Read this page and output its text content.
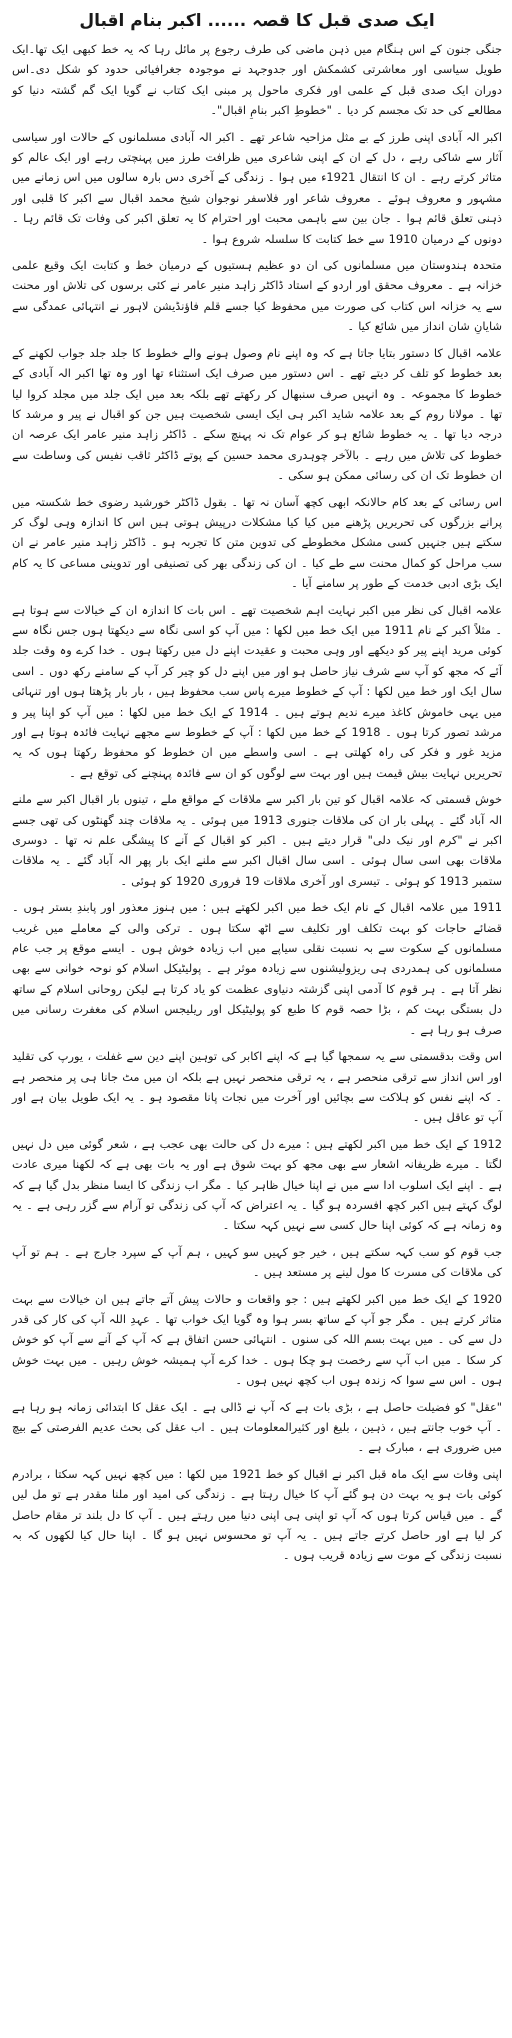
ایک صدی قبل کا قصہ ...... اکبر بنام اقبال

جنگی جنون کے اس ہنگام میں ذہن ماضی کی طرف رجوع پر مائل رہا کہ یہ خط کبھی ایک تھا۔ایک طویل سیاسی اور معاشرتی کشمکش اور جدوجہد نے موجودہ جغرافیائی حدود کو شکل دی۔اس دوران ایک صدی قبل کے علمی اور فکری ماحول پر مبنی ایک کتاب نے گویا ایک گم گشتہ دنیا کو مطالعے کی حد تک مجسم کر دیا ۔ "خطوطِ اکبر بنامِ اقبال"۔

اکبر الہ آبادی اپنی طرز کے بے مثل مزاحیہ شاعر تھے ۔ اکبر الہ آبادی مسلمانوں کے حالات اور سیاسی آثار سے شاکی رہے ، دل کے ان کے اپنی شاعری میں ظرافت طرز میں پہنچتی رہے اور ایک عالم کو متاثر کرتے رہے ۔ ان کا انتقال 1921ء میں ہوا ۔ زندگی کے آخری دس بارہ سالوں میں اس زمانے میں مشہور و معروف ہوئے ۔ معروف شاعر اور فلاسفر نوجوان شیخ محمد اقبال سے اکبر کا قلبی اور ذہنی تعلق قائم ہوا ۔ جان بین سے باہمی محبت اور احترام کا یہ تعلق اکبر کی وفات تک قائم رہا ۔ دونوں کے درمیان 1910 سے خط کتابت کا سلسلہ شروع ہوا ۔

متحدہ ہندوستان میں مسلمانوں کی ان دو عظیم ہستیوں کے درمیان خط و کتابت ایک وقیع علمی خزانہ ہے ۔ معروف محقق اور اردو کے استاد ڈاکٹر زاہد منیر عامر نے کئی برسوں کی تلاش اور محنت سے یہ خزانہ اس کتاب کی صورت میں محفوظ کیا جسے قلم فاؤنڈیشن لاہور نے انتہائی عمدگی سے شایانِ شان انداز میں شائع کیا ۔

علامہ اقبال کا دستور بتایا جاتا ہے کہ وہ اپنے نام وصول ہونے والے خطوط کا جلد جلد جواب لکھنے کے بعد خطوط کو تلف کر دیتے تھے ۔ اس دستور میں صرف ایک استثناء تھا اور وہ تھا اکبر الہ آبادی کے خطوط کا مجموعہ ۔ وہ انہیں صرف سنبھال کر رکھتے تھے بلکہ بعد میں ایک جلد میں مجلد کروا لیا تھا ۔ مولانا روم کے بعد علامہ شاید اکبر ہی ایک ایسی شخصیت ہیں جن کو اقبال نے پیر و مرشد کا درجہ دیا تھا ۔ یہ خطوط شائع ہو کر عوام تک نہ پہنچ سکے ۔ ڈاکٹر زاہد منیر عامر ایک عرصہ ان خطوط کی تلاش میں رہے ۔ بالآخر چوہدری محمد حسین کے پوتے ڈاکٹر ثاقب نفیس کی وساطت سے ان خطوط تک ان کی رسائی ممکن ہو سکی ۔

اس رسائی کے بعد کام حالانکہ ابھی کچھ آسان نہ تھا ۔ بقول ڈاکٹر خورشید رضوی خط شکستہ میں پرانے بزرگوں کی تحریریں پڑھنے میں کیا کیا مشکلات درپیش ہوتی ہیں اس کا اندازہ وہی لوگ کر سکتے ہیں جنہیں کسی مشکل مخطوطے کی تدوین متن کا تجربہ ہو ۔ ڈاکٹر زاہد منیر عامر نے ان سب مراحل کو کمال محنت سے طے کیا ۔ ان کی زندگی بھر کی تصنیفی اور تدوینی مساعی کا یہ کام ایک بڑی ادبی خدمت کے طور پر سامنے آیا ۔

علامہ اقبال کی نظر میں اکبر نہایت اہم شخصیت تھے ۔ اس بات کا اندازہ ان کے خیالات سے ہوتا ہے ۔ مثلاً اکبر کے نام 1911 میں ایک خط میں لکھا : میں آپ کو اسی نگاہ سے دیکھتا ہوں جس نگاہ سے کوئی مرید اپنے پیر کو دیکھے اور وہی محبت و عقیدت اپنے دل میں رکھتا ہوں ۔ خدا کرے وہ وقت جلد آئے کہ مجھ کو آپ سے شرف نیاز حاصل ہو اور میں اپنے دل کو چیر کر آپ کے سامنے رکھ دوں ۔ اسی سال ایک اور خط میں لکھا : آپ کے خطوط میرے پاس سب محفوظ ہیں ، بار بار پڑھتا ہوں اور تنہائی میں یہی خاموش کاغذ میرے ندیم ہوتے ہیں ۔ 1914 کے ایک خط میں لکھا : میں آپ کو اپنا پیر و مرشد تصور کرتا ہوں ۔ 1918 کے خط میں لکھا : آپ کے خطوط سے مجھے نہایت فائدہ ہوتا ہے اور مزید غور و فکر کی راہ کھلتی ہے ۔ اسی واسطے میں ان خطوط کو محفوظ رکھتا ہوں کہ یہ تحریریں نہایت بیش قیمت ہیں اور بہت سے لوگوں کو ان سے فائدہ پہنچنے کی توقع ہے ۔

خوش قسمتی کہ علامہ اقبال کو تین بار اکبر سے ملاقات کے مواقع ملے ، تینوں بار اقبال اکبر سے ملنے الہ آباد گئے ۔ پہلی بار ان کی ملاقات جنوری 1913 میں ہوئی ۔ یہ ملاقات چند گھنٹوں کی تھی جسے اکبر نے "کرم اور نیک دلی" قرار دیتے ہیں ۔ اکبر کو اقبال کے آنے کا پیشگی علم نہ تھا ۔ دوسری ملاقات بھی اسی سال ہوئی ۔ اسی سال اقبال اکبر سے ملنے ایک بار پھر الہ آباد گئے ۔ یہ ملاقات ستمبر 1913 کو ہوئی ۔ تیسری اور آخری ملاقات 19 فروری 1920 کو ہوئی ۔

1911 میں علامہ اقبال کے نام ایک خط میں اکبر لکھتے ہیں : میں ہنوز معذور اور پابندِ بستر ہوں ۔ قضائے حاجات کو بہت تکلف اور تکلیف سے اٹھ سکتا ہوں ۔ ترکی والی کے معاملے میں غریب مسلمانوں کے سکوت سے بہ نسبت نقلی سیاپے میں اب زیادہ خوش ہوں ۔ ایسے موقع پر جب عام مسلمانوں کی ہمدردی ہی ریزولیشنوں سے زیادہ موثر ہے ۔ پولیٹیکل اسلام کو نوحہ خوانی سے بھی نظر آتا ہے ۔ ہر قوم کا آدمی اپنی گزشتہ دنیاوی عظمت کو یاد کرتا ہے لیکن روحانی اسلام کے ساتھ دل بستگی بہت کم ، بڑا حصہ قوم کا طبع کو پولیٹیکل اور ریلیجس اسلام کی مغفرت رسانی میں صرف ہو رہا ہے ۔

اس وقت بدقسمتی سے یہ سمجھا گیا ہے کہ اپنے اکابر کی توہین اپنے دین سے غفلت ، یورپ کی تقلید اور اس انداز سے ترقی منحصر ہے ، یہ ترقی منحصر نہیں ہے بلکہ ان میں مٹ جانا ہی پر منحصر ہے ۔ کہ اپنے نفس کو ہلاکت سے بچائیں اور آخرت میں نجات پانا مقصود ہو ۔ یہ ایک طویل بیان ہے اور آپ تو عاقل ہیں ۔

1912 کے ایک خط میں اکبر لکھتے ہیں : میرے دل کی حالت بھی عجب ہے ، شعر گوئی میں دل نہیں لگتا ۔ میرے ظریفانہ اشعار سے بھی مجھ کو بہت شوق ہے اور یہ بات بھی ہے کہ لکھنا میری عادت ہے ۔ اپنے ایک اسلوب ادا سے میں نے اپنا خیال ظاہر کیا ۔ مگر اب زندگی کا ایسا منظر بدل گیا ہے کہ لوگ کہتے ہیں اکبر کچھ افسردہ ہو گیا ۔ یہ اعتراض کہ آپ کی زندگی تو آرام سے گزر رہی ہے ۔ یہ وہ زمانہ ہے کہ کوئی اپنا حال کسی سے نہیں کہہ سکتا ۔

جب قوم کو سب کہہ سکتے ہیں ، خیر جو کہیں سو کہیں ، ہم آپ کے سپرد جارج ہے ۔ ہم تو آپ کی ملاقات کی مسرت کا مول لینے پر مستعد ہیں ۔

1920 کے ایک خط میں اکبر لکھتے ہیں : جو واقعات و حالات پیش آتے جاتے ہیں ان خیالات سے بہت متاثر کرتے ہیں ۔ مگر جو آپ کے ساتھ بسر ہوا وہ گویا ایک خواب تھا ۔ عہدِ اللہ آپ کی کار کی قدر دل سے کی ۔ میں بہت بسم اللہ کی سنوں ۔ انتہائی حسن اتفاق ہے کہ آپ کے آنے سے آپ کو خوش کر سکا ۔ میں اب آپ سے رخصت ہو چکا ہوں ۔ خدا کرے آپ ہمیشہ خوش رہیں ۔ میں بہت خوش ہوں ۔ اس سے سوا کہ زندہ ہوں اب کچھ نہیں ہوں ۔

"عقل" کو فضیلت حاصل ہے ، بڑی بات ہے کہ آپ نے ڈالی ہے ۔ ایک عقل کا ابتدائی زمانہ ہو رہا ہے ۔ آپ خوب جانتے ہیں ، ذہین ، بلیغ اور کثیرالمعلومات ہیں ۔ اب عقل کی بحث عدیم الفرصتی کے بیچ میں ضروری ہے ، مبارک ہے ۔

اپنی وفات سے ایک ماہ قبل اکبر نے اقبال کو خط 1921 میں لکھا : میں کچھ نہیں کہہ سکتا ، برادرم کوئی بات ہو یہ بہت دن ہو گئے آپ کا خیال رہتا ہے ۔ زندگی کی امید اور ملنا مقدر ہے تو مل لیں گے ۔ میں قیاس کرتا ہوں کہ آپ تو اپنی ہی اپنی دنیا میں رہتے ہیں ۔ آپ کا دل بلند تر مقام حاصل کر لیا ہے اور حاصل کرتے جاتے ہیں ۔ یہ آپ تو محسوس نہیں ہو گا ۔ اپنا حال کیا لکھوں کہ بہ نسبت زندگی کے موت سے زیادہ قریب ہوں ۔
